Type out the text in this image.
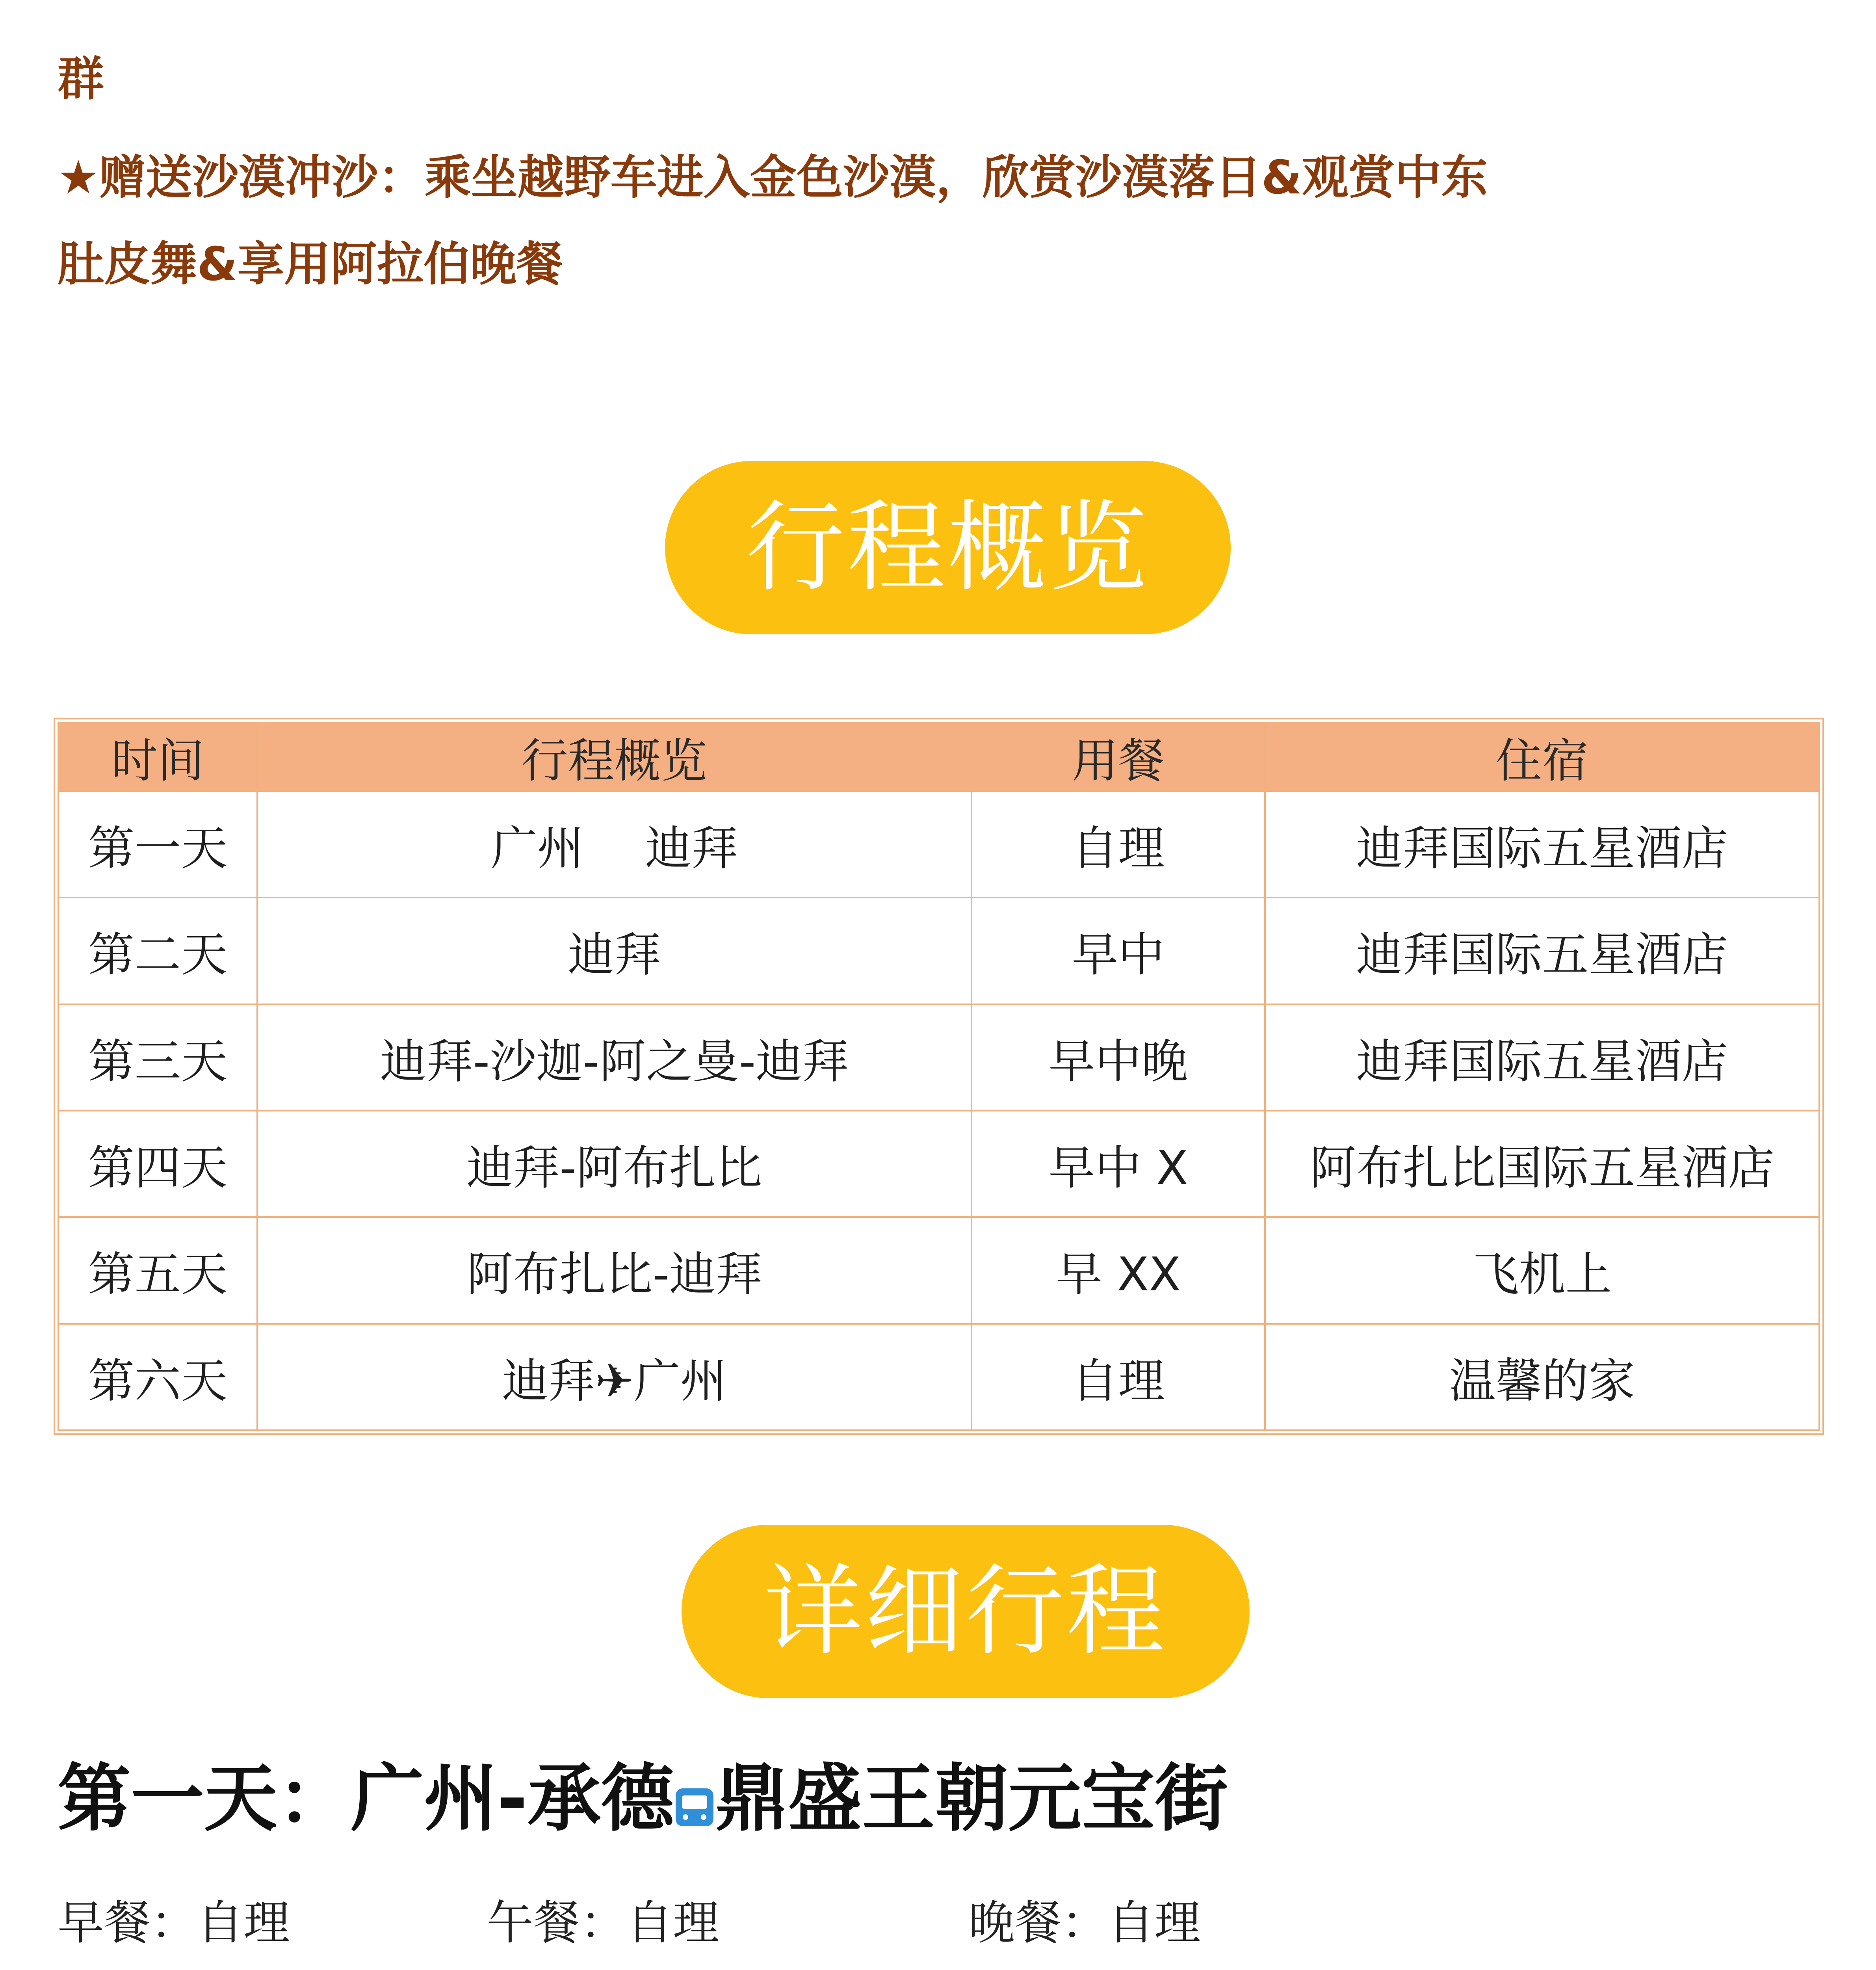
群

★赠送沙漠冲沙：乘坐越野车进入金色沙漠，欣赏沙漠落日&观赏中东

肚皮舞&享用阿拉伯晚餐

行程概览
时间	行程概览	用餐	住宿
第一天	广州　 迪拜	自理	迪拜国际五星酒店
第二天	迪拜	早中	迪拜国际五星酒店
第三天	迪拜-沙迦-阿之曼-迪拜	早中晚	迪拜国际五星酒店
第四天	迪拜-阿布扎比	早中 X	阿布扎比国际五星酒店
第五天	阿布扎比-迪拜	早 XX	飞机上
第六天	迪拜✈广州	自理	温馨的家
详细行程
第一天：广州-承德 鼎盛王朝元宝街
早餐：自理	午餐：自理	晚餐：自理
